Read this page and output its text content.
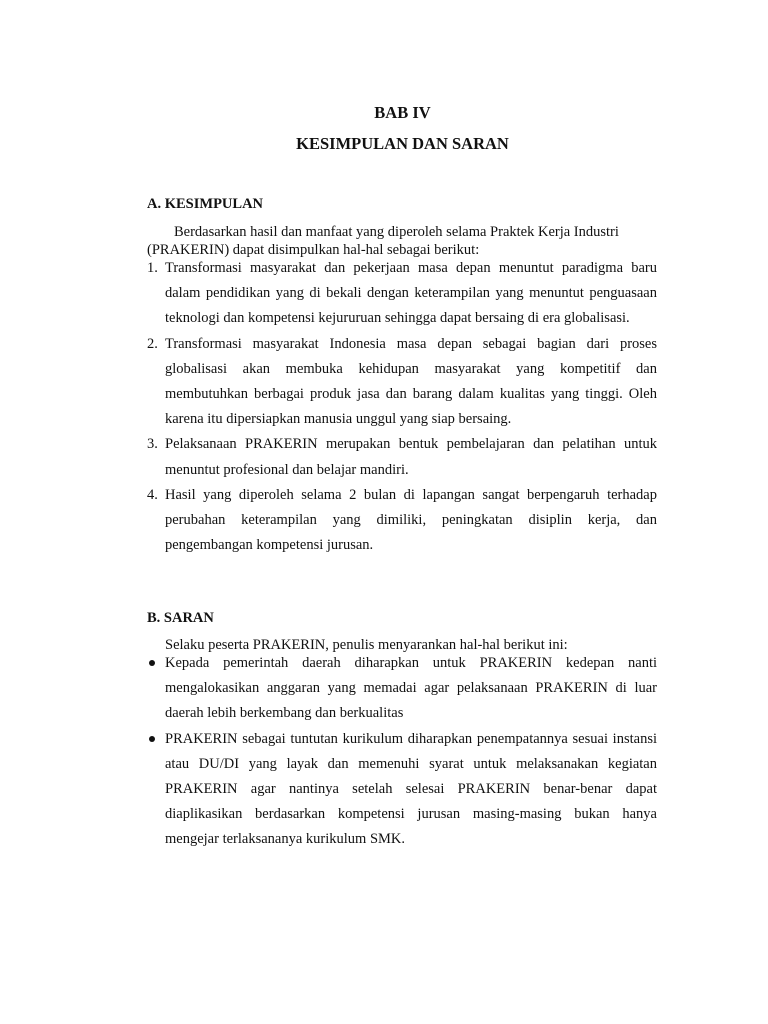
BAB IV
KESIMPULAN DAN SARAN
A. KESIMPULAN
Berdasarkan hasil dan manfaat yang diperoleh selama Praktek Kerja Industri (PRAKERIN) dapat disimpulkan hal-hal sebagai berikut:
1. Transformasi masyarakat dan pekerjaan masa depan menuntut paradigma baru dalam pendidikan yang di bekali dengan keterampilan yang menuntut penguasaan teknologi dan kompetensi kejururuan sehingga dapat bersaing di era globalisasi.
2. Transformasi masyarakat Indonesia masa depan sebagai bagian dari proses globalisasi akan membuka kehidupan masyarakat yang kompetitif dan membutuhkan berbagai produk jasa dan barang dalam kualitas yang tinggi. Oleh karena itu dipersiapkan manusia unggul yang siap bersaing.
3. Pelaksanaan PRAKERIN merupakan bentuk pembelajaran dan pelatihan untuk menuntut profesional dan belajar mandiri.
4. Hasil yang diperoleh selama 2 bulan di lapangan sangat berpengaruh terhadap perubahan keterampilan yang dimiliki, peningkatan disiplin kerja, dan pengembangan kompetensi jurusan.
B. SARAN
Selaku peserta PRAKERIN, penulis menyarankan hal-hal berikut ini:
Kepada pemerintah daerah diharapkan untuk PRAKERIN kedepan nanti mengalokasikan anggaran yang memadai agar pelaksanaan PRAKERIN di luar daerah lebih berkembang dan berkualitas
PRAKERIN sebagai tuntutan kurikulum diharapkan penempatannya sesuai instansi atau DU/DI yang layak dan memenuhi syarat untuk melaksanakan kegiatan PRAKERIN agar nantinya setelah selesai PRAKERIN benar-benar dapat diaplikasikan berdasarkan kompetensi jurusan masing-masing bukan hanya mengejar terlaksananya kurikulum SMK.
